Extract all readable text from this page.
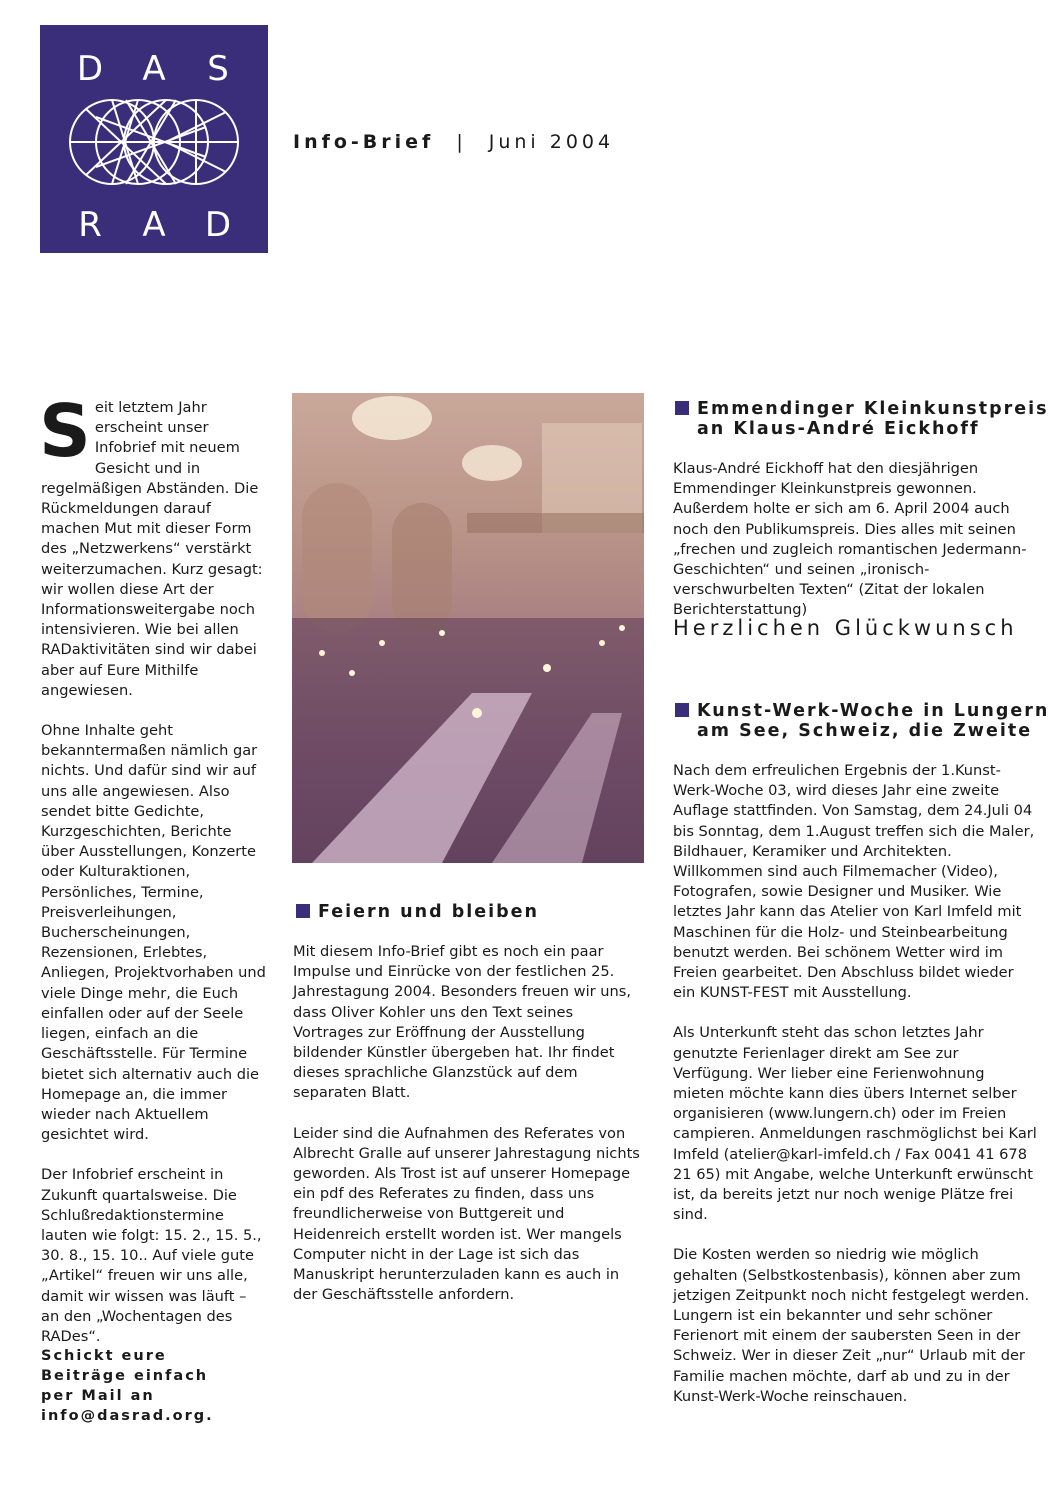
D A S
R A D
Info-Brief | Juni 2004

Seit letztem Jahr erscheint unser Infobrief mit neuem Gesicht und in regelmäßigen Abständen. Die Rückmeldungen darauf machen Mut mit dieser Form des „Netzwerkens“ verstärkt weiterzumachen. Kurz gesagt: wir wollen diese Art der Informationsweitergabe noch intensivieren. Wie bei allen RADaktivitäten sind wir dabei aber auf Eure Mithilfe angewiesen.

Ohne Inhalte geht bekanntermaßen nämlich gar nichts. Und dafür sind wir auf uns alle angewiesen. Also sendet bitte Gedichte, Kurzgeschichten, Berichte über Ausstellungen, Konzerte oder Kulturaktionen, Persönliches, Termine, Preisverleihungen, Bucherscheinungen, Rezensionen, Erlebtes, Anliegen, Projektvorhaben und viele Dinge mehr, die Euch einfallen oder auf der Seele liegen, einfach an die Geschäftsstelle. Für Termine bietet sich alternativ auch die Homepage an, die immer wieder nach Aktuellem gesichtet wird.

Der Infobrief erscheint in Zukunft quartalsweise. Die Schlußredaktionstermine lauten wie folgt: 15. 2., 15. 5., 30. 8., 15. 10.. Auf viele gute „Artikel“ freuen wir uns alle, damit wir wissen was läuft – an den „Wochentagen des RADes“.

Schickt eure
Beiträge einfach
per Mail an
info@dasrad.org.
Feiern und bleiben

Mit diesem Info-Brief gibt es noch ein paar Impulse und Einrücke von der festlichen 25. Jahrestagung 2004. Besonders freuen wir uns, dass Oliver Kohler uns den Text seines Vortrages zur Eröffnung der Ausstellung bildender Künstler übergeben hat. Ihr findet dieses sprachliche Glanzstück auf dem separaten Blatt.

Leider sind die Aufnahmen des Referates von Albrecht Gralle auf unserer Jahrestagung nichts geworden. Als Trost ist auf unserer Homepage ein pdf des Referates zu finden, dass uns freundlicherweise von Buttgereit und Heidenreich erstellt worden ist. Wer mangels Computer nicht in der Lage ist sich das Manuskript herunterzuladen kann es auch in der Geschäftsstelle anfordern.

Emmendinger Kleinkunstpreis
an Klaus-André Eickhoff

Klaus-André Eickhoff hat den diesjährigen Emmendinger Kleinkunstpreis gewonnen. Außerdem holte er sich am 6. April 2004 auch noch den Publikumspreis. Dies alles mit seinen „frechen und zugleich romantischen Jedermann-Geschichten“ und seinen „ironisch-verschwurbelten Texten“ (Zitat der lokalen Berichterstattung)

Herzlichen Glückwunsch
Kunst-Werk-Woche in Lungern
am See, Schweiz, die Zweite

Nach dem erfreulichen Ergebnis der 1.Kunst-Werk-Woche 03, wird dieses Jahr eine zweite Auflage stattfinden. Von Samstag, dem 24.Juli 04 bis Sonntag, dem 1.August treffen sich die Maler, Bildhauer, Keramiker und Architekten. Willkommen sind auch Filmemacher (Video), Fotografen, sowie Designer und Musiker. Wie letztes Jahr kann das Atelier von Karl Imfeld mit Maschinen für die Holz- und Steinbearbeitung benutzt werden. Bei schönem Wetter wird im Freien gearbeitet. Den Abschluss bildet wieder ein KUNST-FEST mit Ausstellung.

Als Unterkunft steht das schon letztes Jahr genutzte Ferienlager direkt am See zur Verfügung. Wer lieber eine Ferienwohnung mieten möchte kann dies übers Internet selber organisieren (www.lungern.ch) oder im Freien campieren. Anmeldungen raschmöglichst bei Karl Imfeld (atelier@karl-imfeld.ch / Fax 0041 41 678 21 65) mit Angabe, welche Unterkunft erwünscht ist, da bereits jetzt nur noch wenige Plätze frei sind.

Die Kosten werden so niedrig wie möglich gehalten (Selbstkostenbasis), können aber zum jetzigen Zeitpunkt noch nicht festgelegt werden. Lungern ist ein bekannter und sehr schöner Ferienort mit einem der saubersten Seen in der Schweiz. Wer in dieser Zeit „nur“ Urlaub mit der Familie machen möchte, darf ab und zu in der Kunst-Werk-Woche reinschauen.
